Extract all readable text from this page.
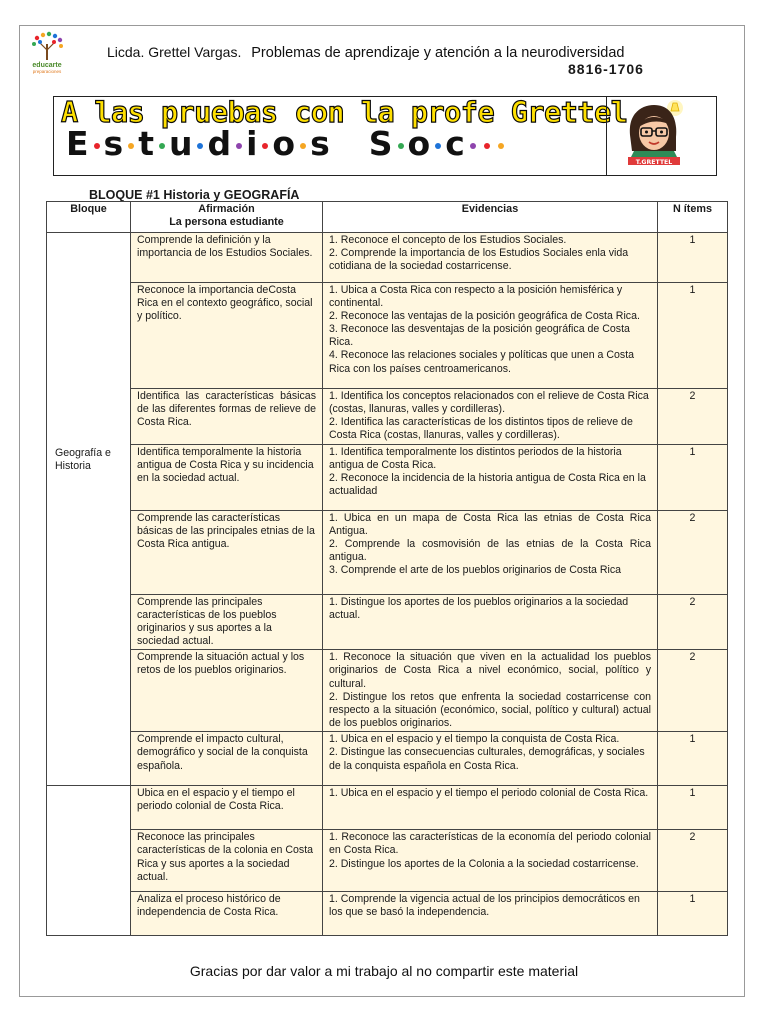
educarte
preparaciones
Licda. Grettel Vargas. Problemas de aprendizaje y atención a la neurodiversidad
8816-1706
A las pruebas con la profe Grettel
E s t u d i o s S o c	T.GRETTEL
BLOQUE #1 Historia y GEOGRAFÍA
Bloque	Afirmación
La persona estudiante	Evidencias	N ítems

Geografía e Historia	Comprende la definición y la importancia de los Estudios Sociales.	1. Reconoce el concepto de los Estudios Sociales.
2. Comprende la importancia de los Estudios Sociales enla vida cotidiana de la sociedad costarricense.	1

	Reconoce la importancia deCosta Rica en el contexto geográfico, social y político.	1. Ubica a Costa Rica con respecto a la posición hemisférica y continental.
2. Reconoce las ventajas de la posición geográfica de Costa Rica.
3. Reconoce las desventajas de la posición geográfica de Costa Rica.
4. Reconoce las relaciones sociales y políticas que unen a Costa Rica con los países centroamericanos.	1

	Identifica las características básicas de las diferentes formas de relieve de Costa Rica.	1. Identifica los conceptos relacionados con el relieve de Costa Rica (costas, llanuras, valles y cordilleras).
2. Identifica las características de los distintos tipos de relieve de Costa Rica (costas, llanuras, valles y cordilleras).	2

	Identifica temporalmente la historia antigua de Costa Rica y su incidencia en la sociedad actual.	1. Identifica temporalmente los distintos periodos de la historia antigua de Costa Rica.
2. Reconoce la incidencia de la historia antigua de Costa Rica en la actualidad	1

	Comprende las características básicas de las principales etnias de la Costa Rica antigua.	1. Ubica en un mapa de Costa Rica las etnias de Costa Rica Antigua.
2. Comprende la cosmovisión de las etnias de la Costa Rica antigua.
3. Comprende el arte de los pueblos originarios de Costa Rica	2

	Comprende las principales características de los pueblos originarios y sus aportes a la sociedad actual.	1. Distingue los aportes de los pueblos originarios a la sociedad actual.	2

	Comprende la situación actual y los retos de los pueblos originarios.	1. Reconoce la situación que viven en la actualidad los pueblos originarios de Costa Rica a nivel económico, social, político y cultural.
2. Distingue los retos que enfrenta la sociedad costarricense con respecto a la situación (económico, social, político y cultural) actual de los pueblos originarios.	2

	Comprende el impacto cultural, demográfico y social de la conquista española.	1. Ubica en el espacio y el tiempo la conquista de Costa Rica.
2. Distingue las consecuencias culturales, demográficas, y sociales de la conquista española en Costa Rica.	1

	Ubica en el espacio y el tiempo el periodo colonial de Costa Rica.	1. Ubica en el espacio y el tiempo el periodo colonial de Costa Rica.	1

	Reconoce las principales características de la colonia en Costa Rica y sus aportes a la sociedad actual.	1. Reconoce las características de la economía del periodo colonial en Costa Rica.
2. Distingue los aportes de la Colonia a la sociedad costarricense.	2

	Analiza el proceso histórico de independencia de Costa Rica.	1. Comprende la vigencia actual de los principios democráticos en los que se basó la independencia.	1
Gracias por dar valor a mi trabajo al no compartir este material
